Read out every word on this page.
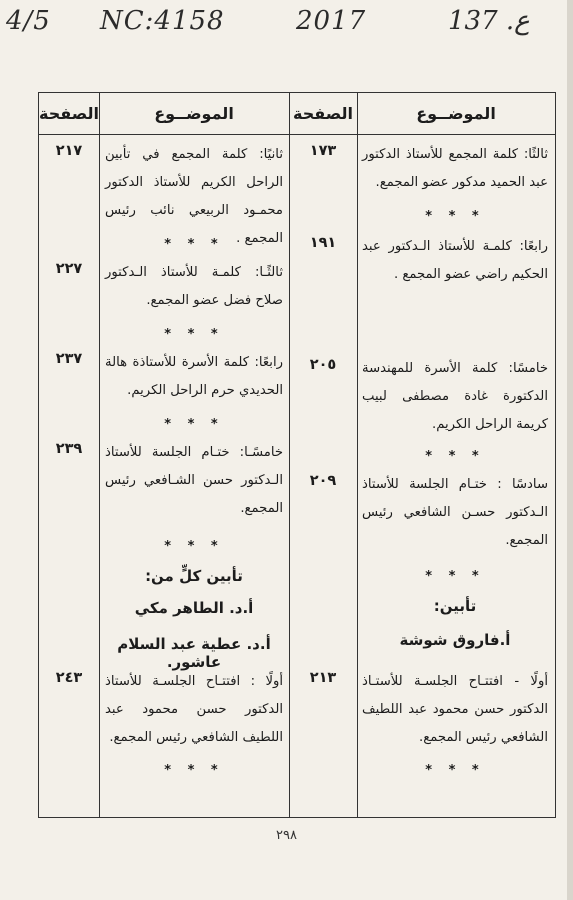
4/5 NC:4158	2017	ع. 137
الموضــوع
الصفحة
الموضــوع
الصفحة
ثالثًا: كلمة المجمع للأستاذ الدكتور عبد الحميد مدكور عضو المجمع.
* * *
رابعًا: كلمـة للأستاذ الـدكتور عبد الحكيم راضي عضو المجمع .
خامسًا: كلمة الأسرة للمهندسة الدكتورة غادة مصطفى لبيب كريمة الراحل الكريم.
* * *
سادسًا : ختـام الجلسة للأستاذ الـدكتور حسـن الشافعي رئيس المجمع.
* * *
تأبين:
أ.فاروق شوشة
أولًا - افتتـاح الجلسـة للأستـاذ الدكتور حسن محمود عبد اللطيف الشافعي رئيس المجمع.
* * *
١٧٣
١٩١
٢٠٥
٢٠٩
٢١٣
ثانيًا: كلمة المجمع في تأبين الراحل الكريم للأستاذ الدكتور محمـود الربيعي نائب رئيس المجمع .
* * *
ثالثًـا: كلمـة للأستاذ الـدكتور صلاح فضل عضو المجمع.
* * *
رابعًا: كلمة الأسرة للأستاذة هالة الحديدي حرم الراحل الكريم.
* * *
خامسًـا: ختـام الجلسة للأستاذ الـدكتور حسن الشـافعي رئيس المجمع.
* * *
تأبين كلٍّ من:
أ.د. الطاهر مكي
أ.د. عطية عبد السلام عاشور.
أولًا : افتتـاح الجلسـة للأستاذ الدكتور حسن محمود عبد اللطيف الشافعي رئيس المجمع.
* * *
٢١٧
٢٢٧
٢٣٧
٢٣٩
٢٤٣
٢٩٨
